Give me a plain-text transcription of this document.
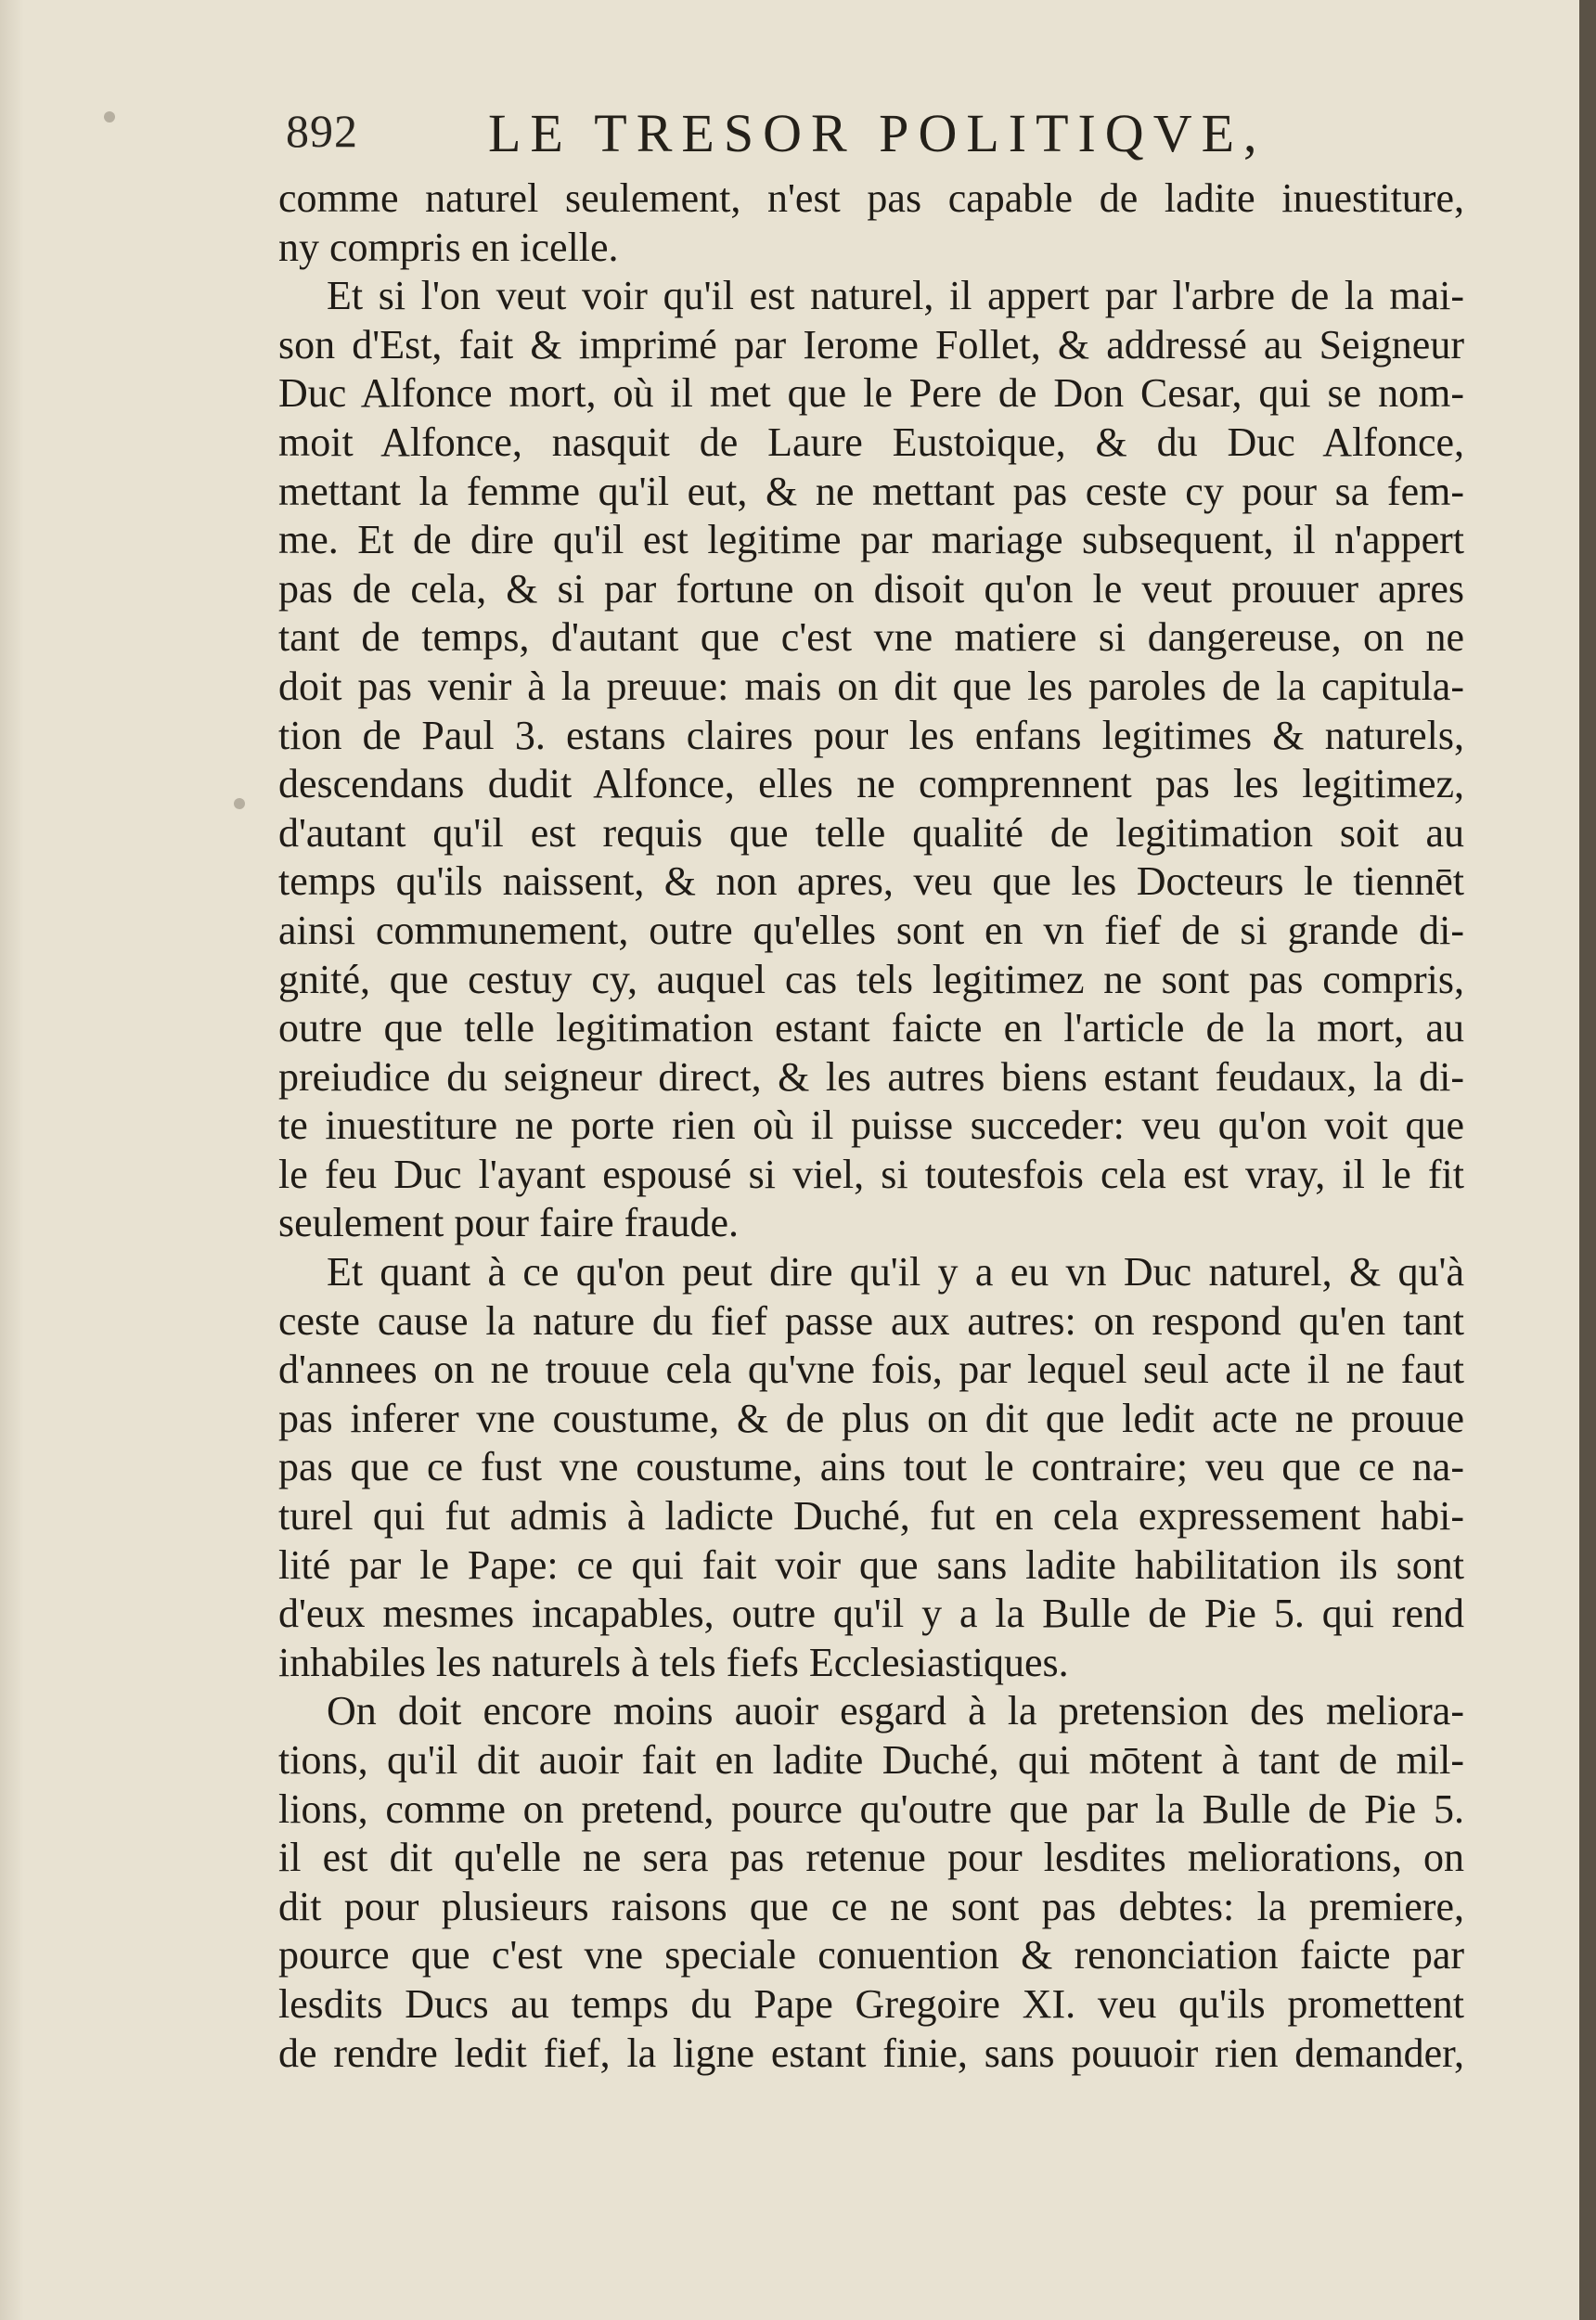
892 LE TRESOR POLITIQVE,
comme naturel seulement, n'est pas capable de ladite inuestiture,
ny compris en icelle.
Et si l'on veut voir qu'il est naturel, il appert par l'arbre de la mai-
son d'Est, fait & imprimé par Ierome Follet, & addressé au Seigneur
Duc Alfonce mort, où il met que le Pere de Don Cesar, qui se nom-
moit Alfonce, nasquit de Laure Eustoique, & du Duc Alfonce,
mettant la femme qu'il eut, & ne mettant pas ceste cy pour sa fem-
me. Et de dire qu'il est legitime par mariage subsequent, il n'appert
pas de cela, & si par fortune on disoit qu'on le veut prouuer apres
tant de temps, d'autant que c'est vne matiere si dangereuse, on ne
doit pas venir à la preuue: mais on dit que les paroles de la capitula-
tion de Paul 3. estans claires pour les enfans legitimes & naturels,
descendans dudit Alfonce, elles ne comprennent pas les legitimez,
d'autant qu'il est requis que telle qualité de legitimation soit au
temps qu'ils naissent, & non apres, veu que les Docteurs le tiennēt
ainsi communement, outre qu'elles sont en vn fief de si grande di-
gnité, que cestuy cy, auquel cas tels legitimez ne sont pas compris,
outre que telle legitimation estant faicte en l'article de la mort, au
preiudice du seigneur direct, & les autres biens estant feudaux, la di-
te inuestiture ne porte rien où il puisse succeder: veu qu'on voit que
le feu Duc l'ayant espousé si viel, si toutesfois cela est vray, il le fit
seulement pour faire fraude.
Et quant à ce qu'on peut dire qu'il y a eu vn Duc naturel, & qu'à
ceste cause la nature du fief passe aux autres: on respond qu'en tant
d'annees on ne trouue cela qu'vne fois, par lequel seul acte il ne faut
pas inferer vne coustume, & de plus on dit que ledit acte ne prouue
pas que ce fust vne coustume, ains tout le contraire; veu que ce na-
turel qui fut admis à ladicte Duché, fut en cela expressement habi-
lité par le Pape: ce qui fait voir que sans ladite habilitation ils sont
d'eux mesmes incapables, outre qu'il y a la Bulle de Pie 5. qui rend
inhabiles les naturels à tels fiefs Ecclesiastiques.
On doit encore moins auoir esgard à la pretension des meliora-
tions, qu'il dit auoir fait en ladite Duché, qui mōtent à tant de mil-
lions, comme on pretend, pource qu'outre que par la Bulle de Pie 5.
il est dit qu'elle ne sera pas retenue pour lesdites meliorations, on
dit pour plusieurs raisons que ce ne sont pas debtes: la premiere,
pource que c'est vne speciale conuention & renonciation faicte par
lesdits Ducs au temps du Pape Gregoire XI. veu qu'ils promettent
de rendre ledit fief, la ligne estant finie, sans pouuoir rien demander,
